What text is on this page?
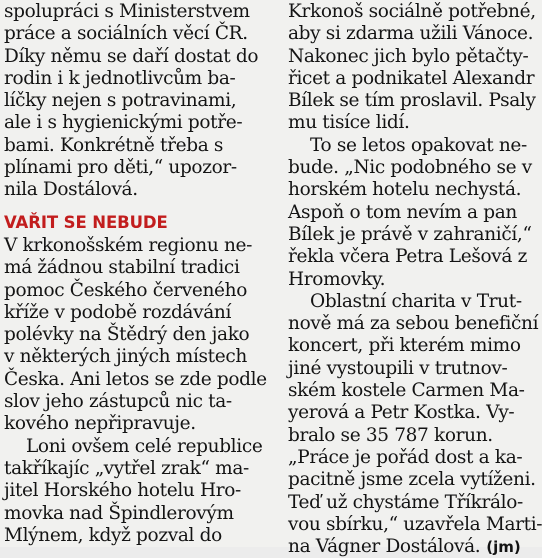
spolupráci s Ministerstvem
práce a sociálních věcí ČR.
Díky němu se daří dostat do
rodin i k jednotlivcům ba-
líčky nejen s potravinami,
ale i s hygienickými potře-
bami. Konkrétně třeba s
plínami pro děti,“ upozor-
nila Dostálová.
VAŘIT SE NEBUDE
V krkonošském regionu ne-
má žádnou stabilní tradici
pomoc Českého červeného
kříže v podobě rozdávání
polévky na Štědrý den jako
v některých jiných místech
Česka. Ani letos se zde podle
slov jeho zástupců nic ta-
kového nepřipravuje.
Loni ovšem celé republice
takříkajíc „vytřel zrak“ ma-
jitel Horského hotelu Hro-
movka nad Špindlerovým
Mlýnem, když pozval do
Krkonoš sociálně potřebné,
aby si zdarma užili Vánoce.
Nakonec jich bylo pětačty-
řicet a podnikatel Alexandr
Bílek se tím proslavil. Psaly
mu tisíce lidí.
To se letos opakovat ne-
bude. „Nic podobného se v
horském hotelu nechystá.
Aspoň o tom nevím a pan
Bílek je právě v zahraničí,“
řekla včera Petra Lešová z
Hromovky.
Oblastní charita v Trut-
nově má za sebou benefiční
koncert, při kterém mimo
jiné vystoupili v trutnov-
ském kostele Carmen Ma-
yerová a Petr Kostka. Vy-
bralo se 35 787 korun.
„Práce je pořád dost a ka-
pacitně jsme zcela vytíženi.
Teď už chystáme Tříkrálo-
vou sbírku,“ uzavřela Marti-
na Vágner Dostálová. (jm)
